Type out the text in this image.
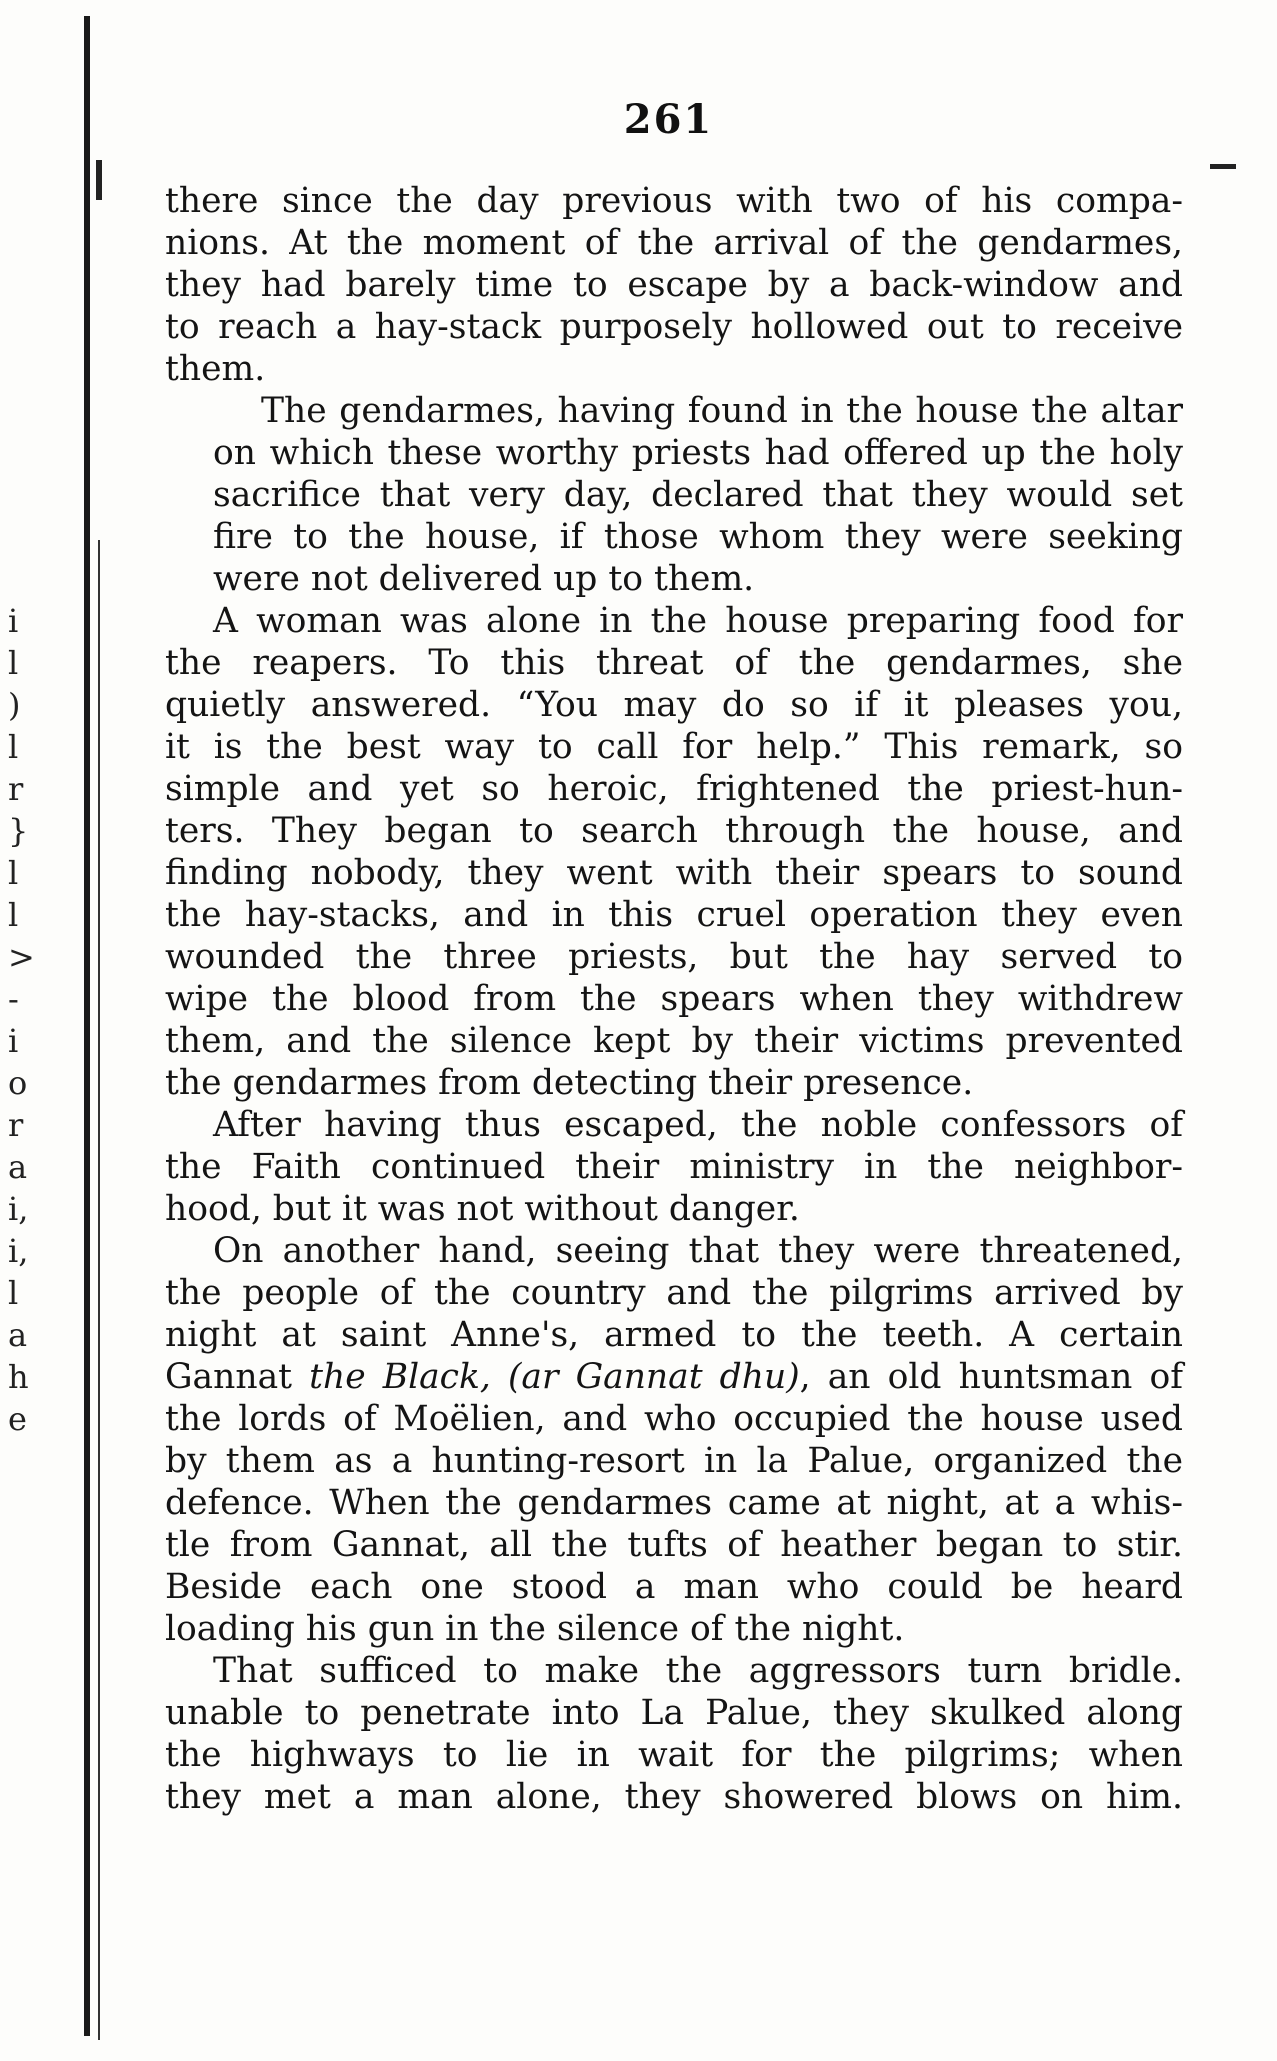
i
l
)
l
r
}
l
l
>
-
i
o
r
a
i,
i,
l
a
h
e
261

there since the day previous with two of his compa-
nions. At the moment of the arrival of the gendarmes,
they had barely time to escape by a back-window and
to reach a hay-stack purposely hollowed out to receive
them.

The gendarmes, having found in the house the altar
on which these worthy priests had offered up the holy
sacrifice that very day, declared that they would set
fire to the house, if those whom they were seeking
were not delivered up to them.

A woman was alone in the house preparing food for
the reapers. To this threat of the gendarmes, she
quietly answered. “You may do so if it pleases you,
it is the best way to call for help.” This remark, so
simple and yet so heroic, frightened the priest-hun-
ters. They began to search through the house, and
finding nobody, they went with their spears to sound
the hay-stacks, and in this cruel operation they even
wounded the three priests, but the hay served to
wipe the blood from the spears when they withdrew
them, and the silence kept by their victims prevented
the gendarmes from detecting their presence.

After having thus escaped, the noble confessors of
the Faith continued their ministry in the neighbor-
hood, but it was not without danger.

On another hand, seeing that they were threatened,
the people of the country and the pilgrims arrived by
night at saint Anne's, armed to the teeth. A certain
Gannat the Black, (ar Gannat dhu), an old huntsman of
the lords of Moëlien, and who occupied the house used
by them as a hunting-resort in la Palue, organized the
defence. When the gendarmes came at night, at a whis-
tle from Gannat, all the tufts of heather began to stir.
Beside each one stood a man who could be heard
loading his gun in the silence of the night.

That sufficed to make the aggressors turn bridle.
unable to penetrate into La Palue, they skulked along
the highways to lie in wait for the pilgrims; when
they met a man alone, they showered blows on him.
